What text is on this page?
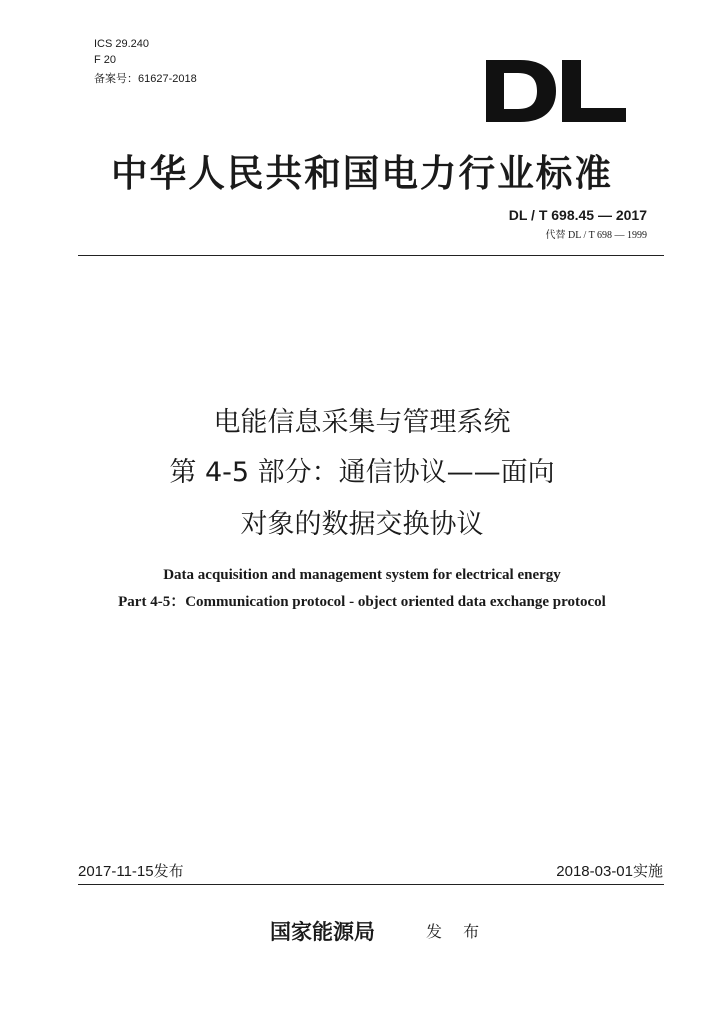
ICS 29.240
F 20
备案号：61627-2018
中华人民共和国电力行业标准
DL / T 698.45 — 2017
代替 DL / T 698 — 1999
电能信息采集与管理系统
第 4-5 部分：通信协议——面向
对象的数据交换协议
Data acquisition and management system for electrical energy
Part 4-5：Communication protocol - object oriented data exchange protocol
2017-11-15发布	2018-03-01实施
国家能源局	发 布
